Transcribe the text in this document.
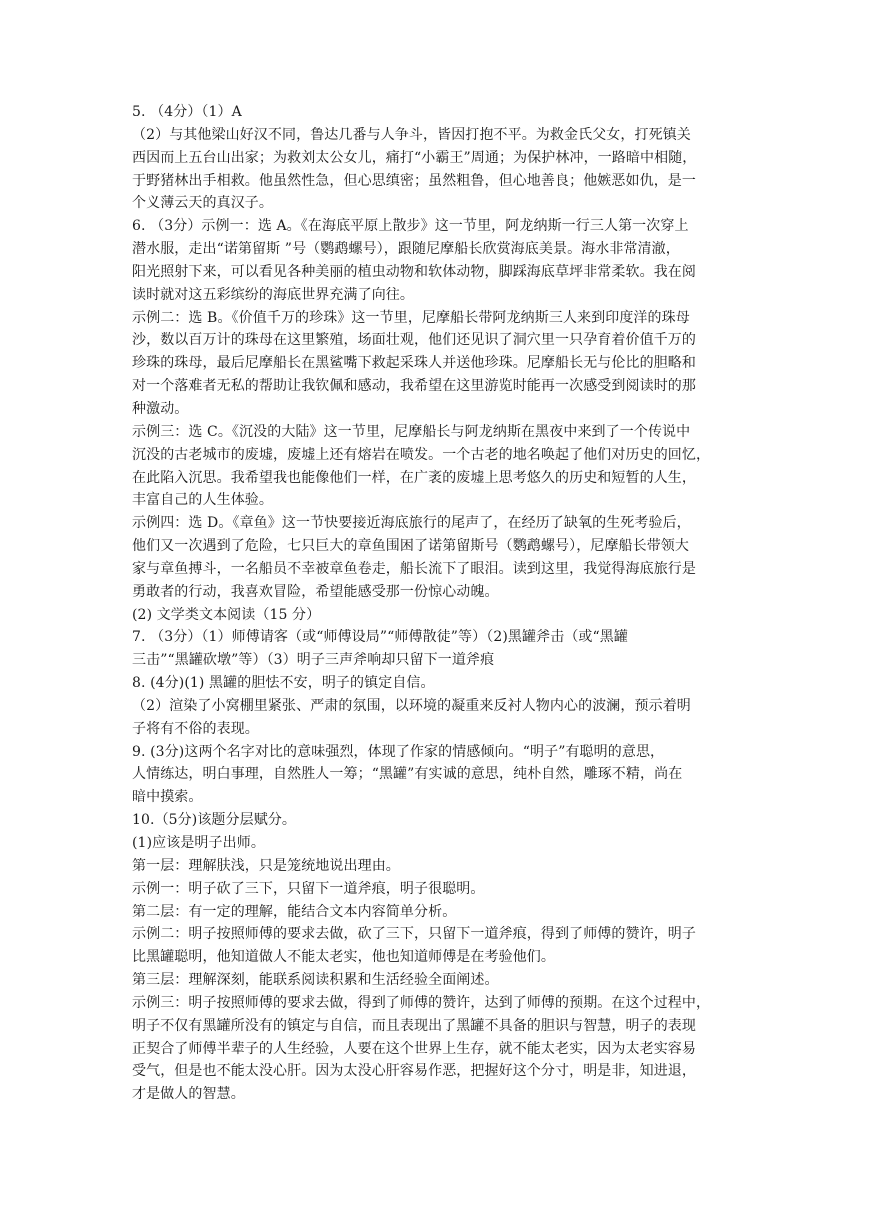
5. （4分）（1）A
（2）与其他梁山好汉不同，鲁达几番与人争斗，皆因打抱不平。为救金氏父女，打死镇关
西因而上五台山出家；为救刘太公女儿，痛打“小霸王”周通；为保护林冲，一路暗中相随，
于野猪林出手相救。他虽然性急，但心思缜密；虽然粗鲁，但心地善良；他嫉恶如仇，是一
个义薄云天的真汉子。
6. （3分）示例一：选 A。《在海底平原上散步》这一节里，阿龙纳斯一行三人第一次穿上
潜水服，走出“诺第留斯 ”号（鹦鹉螺号），跟随尼摩船长欣赏海底美景。海水非常清澈，
阳光照射下来，可以看见各种美丽的植虫动物和软体动物，脚踩海底草坪非常柔软。我在阅
读时就对这五彩缤纷的海底世界充满了向往。
示例二：选 B。《价值千万的珍珠》这一节里，尼摩船长带阿龙纳斯三人来到印度洋的珠母
沙，数以百万计的珠母在这里繁殖，场面壮观，他们还见识了洞穴里一只孕育着价值千万的
珍珠的珠母，最后尼摩船长在黑鲨嘴下救起采珠人并送他珍珠。尼摩船长无与伦比的胆略和
对一个落难者无私的帮助让我钦佩和感动，我希望在这里游览时能再一次感受到阅读时的那
种激动。
示例三：选 C。《沉没的大陆》这一节里，尼摩船长与阿龙纳斯在黑夜中来到了一个传说中
沉没的古老城市的废墟，废墟上还有熔岩在喷发。一个古老的地名唤起了他们对历史的回忆，
在此陷入沉思。我希望我也能像他们一样，在广袤的废墟上思考悠久的历史和短暂的人生，
丰富自己的人生体验。
示例四：选 D。《章鱼》这一节快要接近海底旅行的尾声了，在经历了缺氧的生死考验后，
他们又一次遇到了危险，七只巨大的章鱼围困了诺第留斯号（鹦鹉螺号），尼摩船长带领大
家与章鱼搏斗，一名船员不幸被章鱼卷走，船长流下了眼泪。读到这里，我觉得海底旅行是
勇敢者的行动，我喜欢冒险，希望能感受那一份惊心动魄。
(2) 文学类文本阅读（15 分）
7. （3分）（1）师傅请客（或“师傅设局”“师傅散徒”等）（2)黑罐斧击（或“黑罐
三击”“黑罐砍墩”等）（3）明子三声斧响却只留下一道斧痕
8. (4分)(1) 黑罐的胆怯不安，明子的镇定自信。
（2）渲染了小窝棚里紧张、严肃的氛围，以环境的凝重来反衬人物内心的波澜，预示着明
子将有不俗的表现。
9. (3分)这两个名字对比的意味强烈，体现了作家的情感倾向。“明子”有聪明的意思，
人情练达，明白事理，自然胜人一筹；“黑罐”有实诚的意思，纯朴自然，雕琢不精，尚在
暗中摸索。
10.（5分)该题分层赋分。
(1)应该是明子出师。
第一层：理解肤浅，只是笼统地说出理由。
示例一：明子砍了三下，只留下一道斧痕，明子很聪明。
第二层：有一定的理解，能结合文本内容简单分析。
示例二：明子按照师傅的要求去做，砍了三下，只留下一道斧痕，得到了师傅的赞许，明子
比黑罐聪明，他知道做人不能太老实，他也知道师傅是在考验他们。
第三层：理解深刻，能联系阅读积累和生活经验全面阐述。
示例三：明子按照师傅的要求去做，得到了师傅的赞许，达到了师傅的预期。在这个过程中，
明子不仅有黑罐所没有的镇定与自信，而且表现出了黑罐不具备的胆识与智慧，明子的表现
正契合了师傅半辈子的人生经验，人要在这个世界上生存，就不能太老实，因为太老实容易
受气，但是也不能太没心肝。因为太没心肝容易作恶，把握好这个分寸，明是非，知进退，
才是做人的智慧。
